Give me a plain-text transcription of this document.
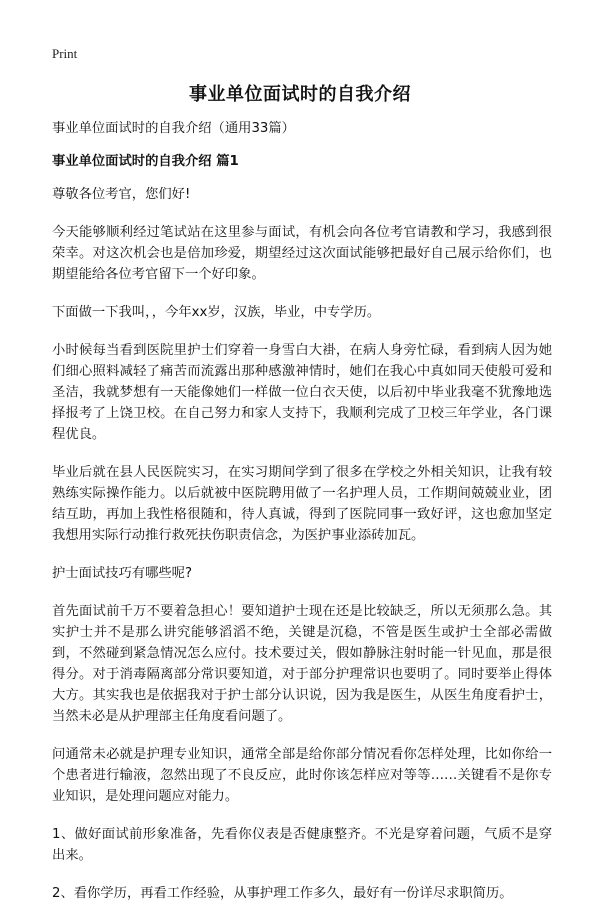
Print
事业单位面试时的自我介绍

事业单位面试时的自我介绍（通用33篇）

事业单位面试时的自我介绍 篇1

尊敬各位考官，您们好!

今天能够顺利经过笔试站在这里参与面试，有机会向各位考官请教和学习，我感到很荣幸。对这次机会也是倍加珍爱，期望经过这次面试能够把最好自己展示给你们，也期望能给各位考官留下一个好印象。

下面做一下我叫，，今年xx岁，汉族，毕业，中专学历。

小时候每当看到医院里护士们穿着一身雪白大褂，在病人身旁忙碌，看到病人因为她们细心照料减轻了痛苦而流露出那种感激神情时，她们在我心中真如同天使般可爱和圣洁，我就梦想有一天能像她们一样做一位白衣天使，以后初中毕业我毫不犹豫地选择报考了上饶卫校。在自己努力和家人支持下，我顺利完成了卫校三年学业，各门课程优良。

毕业后就在县人民医院实习，在实习期间学到了很多在学校之外相关知识，让我有较熟练实际操作能力。以后就被中医院聘用做了一名护理人员，工作期间兢兢业业，团结互助，再加上我性格很随和，待人真诚，得到了医院同事一致好评，这也愈加坚定我想用实际行动推行救死扶伤职责信念，为医护事业添砖加瓦。

护士面试技巧有哪些呢?

首先面试前千万不要着急担心！要知道护士现在还是比较缺乏，所以无须那么急。其实护士并不是那么讲究能够滔滔不绝，关键是沉稳，不管是医生或护士全部必需做到，不然碰到紧急情况怎么应付。技术要过关，假如静脉注射时能一针见血，那是很得分。对于消毒隔离部分常识要知道，对于部分护理常识也要明了。同时要举止得体大方。其实我也是依据我对于护士部分认识说，因为我是医生，从医生角度看护士，当然未必是从护理部主任角度看问题了。

问通常未必就是护理专业知识，通常全部是给你部分情况看你怎样处理，比如你给一个患者进行输液，忽然出现了不良反应，此时你该怎样应对等等……关键看不是你专业知识，是处理问题应对能力。

1、做好面试前形象准备，先看你仪表是否健康整齐。不光是穿着问题，气质不是穿出来。

2、看你学历，再看工作经验，从事护理工作多久，最好有一份详尽求职简历。
